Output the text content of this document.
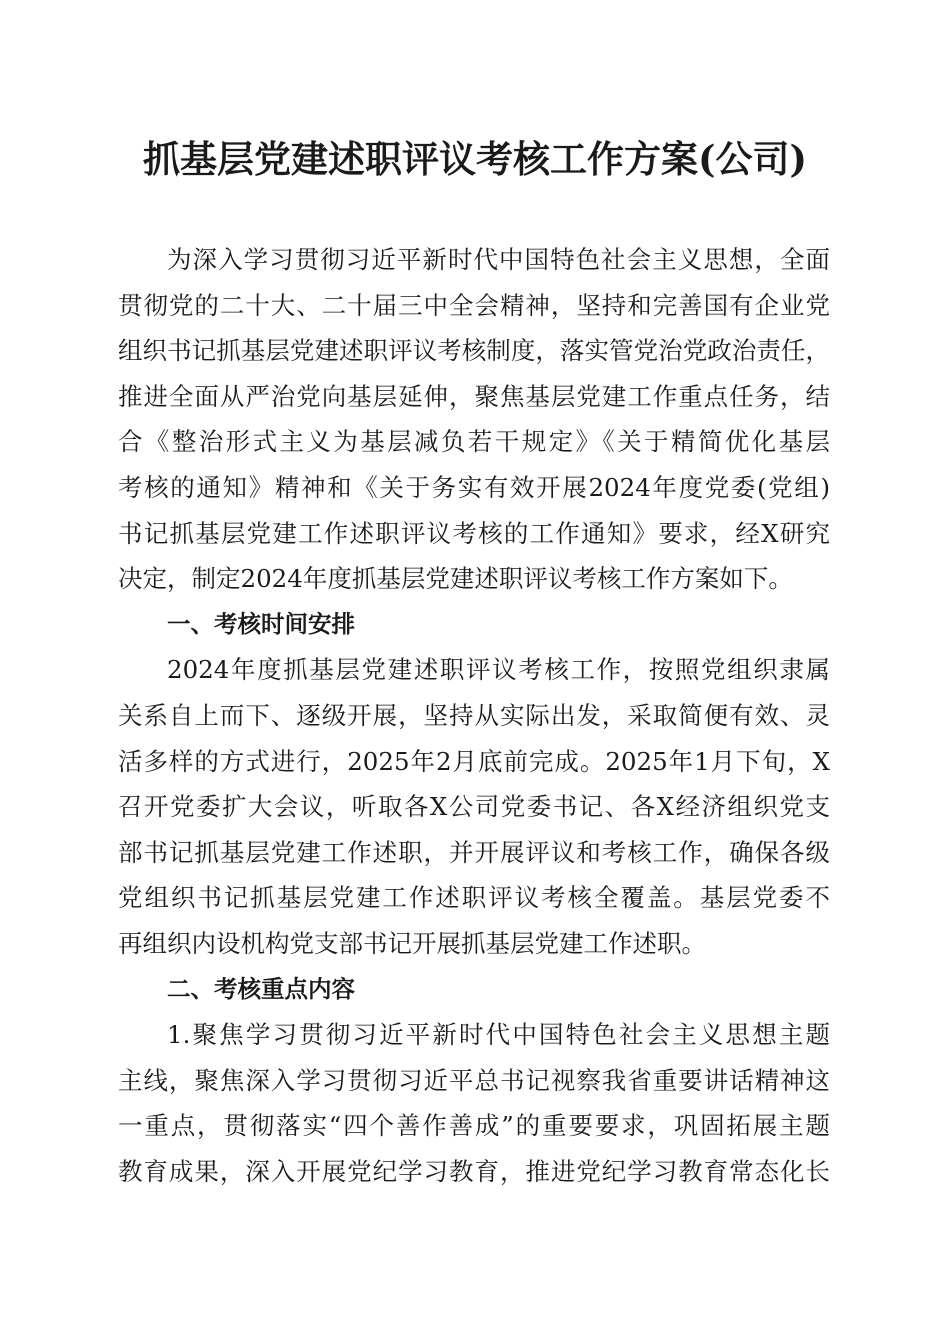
抓基层党建述职评议考核工作方案(公司)
为深入学习贯彻习近平新时代中国特色社会主义思想，全面
贯彻党的二十大、二十届三中全会精神，坚持和完善国有企业党
组织书记抓基层党建述职评议考核制度，落实管党治党政治责任，
推进全面从严治党向基层延伸，聚焦基层党建工作重点任务，结
合《整治形式主义为基层减负若干规定》《关于精简优化基层
考核的通知》精神和《关于务实有效开展2024年度党委(党组)
书记抓基层党建工作述职评议考核的工作通知》要求，经X研究
决定，制定2024年度抓基层党建述职评议考核工作方案如下。
一、考核时间安排
2024年度抓基层党建述职评议考核工作，按照党组织隶属
关系自上而下、逐级开展，坚持从实际出发，采取简便有效、灵
活多样的方式进行，2025年2月底前完成。2025年1月下旬，X
召开党委扩大会议，听取各X公司党委书记、各X经济组织党支
部书记抓基层党建工作述职，并开展评议和考核工作，确保各级
党组织书记抓基层党建工作述职评议考核全覆盖。基层党委不
再组织内设机构党支部书记开展抓基层党建工作述职。
二、考核重点内容
1.聚焦学习贯彻习近平新时代中国特色社会主义思想主题
主线，聚焦深入学习贯彻习近平总书记视察我省重要讲话精神这
一重点，贯彻落实“四个善作善成”的重要要求，巩固拓展主题
教育成果，深入开展党纪学习教育，推进党纪学习教育常态化长
